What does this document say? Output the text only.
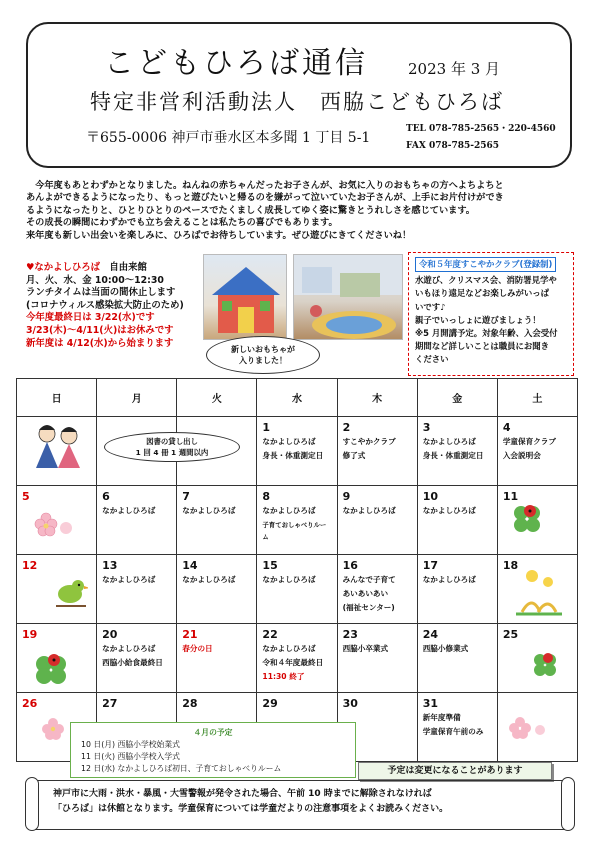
こどもひろば通信	2023 年 3 月
特定非営利活動法人　西脇こどもひろば
〒655-0006 神戸市垂水区本多聞 1 丁目 5-1
TEL 078-785-2565・220-4560
FAX 078-785-2565

　今年度もあとわずかとなりました。ねんねの赤ちゃんだったお子さんが、お気に入りのおもちゃの方へよちよちと

あんよができるようになったり、もっと遊びたいと帰るのを嫌がって泣いていたお子さんが、上手にお片付けができ

るようになったりと、ひとりひとりのペースでたくましく成長してゆく姿に驚きとうれしさを感じています。

その成長の瞬間にわずかでも立ち会えることは私たちの喜びでもあります。

来年度も新しい出会いを楽しみに、ひろばでお待ちしています。ぜひ遊びにきてくださいね！

♥なかよしひろば　自由来館
月、火、水、金 10:00～12:30
ランチタイムは当面の間休止します
(コロナウィルス感染拡大防止のため)
今年度最終日は 3/22(水)です
3/23(木)～4/11(火)はお休みです
新年度は 4/12(水)から始まります
新しいおもちゃが
入りました！
令和５年度すこやかクラブ(登録制)
水遊び、クリスマス会、消防署見学や
いもほり遠足などお楽しみがいっぱ
いです♪
親子でいっしょに遊びましょう！
※5 月開講予定。対象年齢、入会受付
期間など詳しいことは職員にお聞き
ください
日	月	火	水	木	金	土

			1
なかよしひろば
身長・体重測定日	2
すこやかクラブ
修了式	3
なかよしひろば
身長・体重測定日	4
学童保育クラブ
入会説明会

5	6
なかよしひろば	7
なかよしひろば	8
なかよしひろば
子育ておしゃべりルーム	9
なかよしひろば	10
なかよしひろば	11

12	13
なかよしひろば	14
なかよしひろば	15
なかよしひろば	16
みんなで子育て
あいあいあい
(福祉センター)	17
なかよしひろば	18

19	20
なかよしひろば
西脇小給食最終日	21
春分の日	22
なかよしひろば
令和４年度最終日
11:30 終了	23
西脇小卒業式	24
西脇小修業式	25

26	27	28	29	30	31
新年度準備
学童保育午前のみ	

図書の貸し出し
1 回 4 冊 1 週間以内
４月の予定
10 日(月) 西脇小学校始業式
11 日(火) 西脇小学校入学式
12 日(水) なかよしひろば初日、子育ておしゃべりルーム	予定は変更になることがあります
神戸市に大雨・洪水・暴風・大雪警報が発令された場合、午前 10 時までに解除されなければ
「ひろば」は休館となります。学童保育については学童だよりの注意事項をよくお読みください。
